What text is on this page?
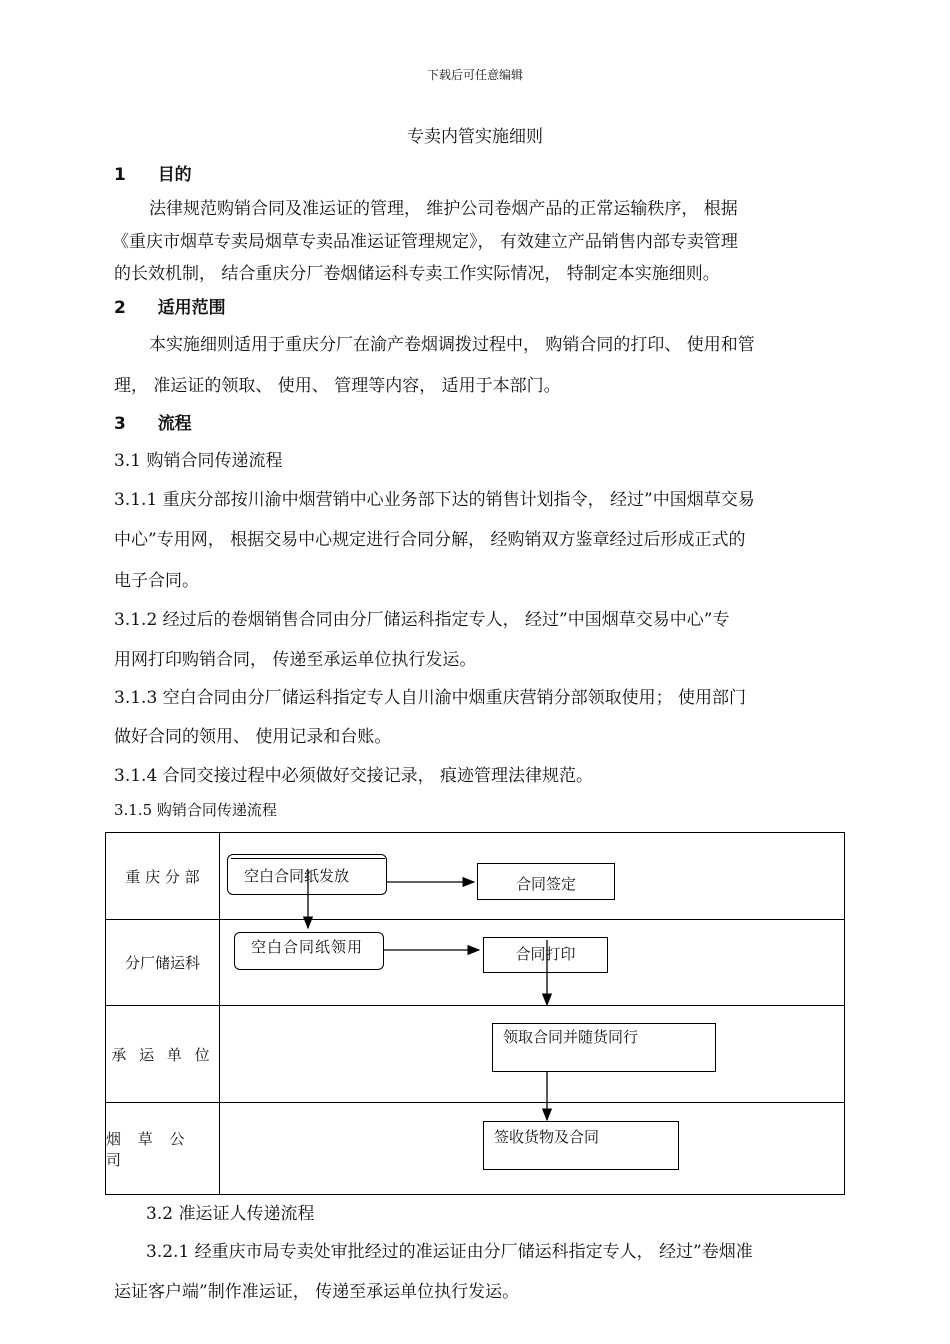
下载后可任意编辑
专卖内管实施细则
1 目的
法律规范购销合同及准运证的管理， 维护公司卷烟产品的正常运输秩序， 根据
《重庆市烟草专卖局烟草专卖品准运证管理规定》， 有效建立产品销售内部专卖管理
的长效机制， 结合重庆分厂卷烟储运科专卖工作实际情况， 特制定本实施细则。
2 适用范围
本实施细则适用于重庆分厂在渝产卷烟调拨过程中， 购销合同的打印、 使用和管
理， 准运证的领取、 使用、 管理等内容， 适用于本部门。
3 流程
3.1 购销合同传递流程
3.1.1 重庆分部按川渝中烟营销中心业务部下达的销售计划指令， 经过”中国烟草交易
中心”专用网， 根据交易中心规定进行合同分解， 经购销双方鉴章经过后形成正式的
电子合同。
3.1.2 经过后的卷烟销售合同由分厂储运科指定专人， 经过”中国烟草交易中心”专
用网打印购销合同， 传递至承运单位执行发运。
3.1.3 空白合同由分厂储运科指定专人自川渝中烟重庆营销分部领取使用； 使用部门
做好合同的领用、 使用记录和台账。
3.1.4 合同交接过程中必须做好交接记录， 痕迹管理法律规范。
3.1.5 购销合同传递流程
重 庆 分 部
分厂储运科
承 运 单 位
烟 草 公 司
空白合同纸发放	合同签定
空白合同纸领用	合同打印
领取合同并随货同行
签收货物及合同
3.2 准运证人传递流程
3.2.1 经重庆市局专卖处审批经过的准运证由分厂储运科指定专人， 经过”卷烟准
运证客户端”制作准运证， 传递至承运单位执行发运。
